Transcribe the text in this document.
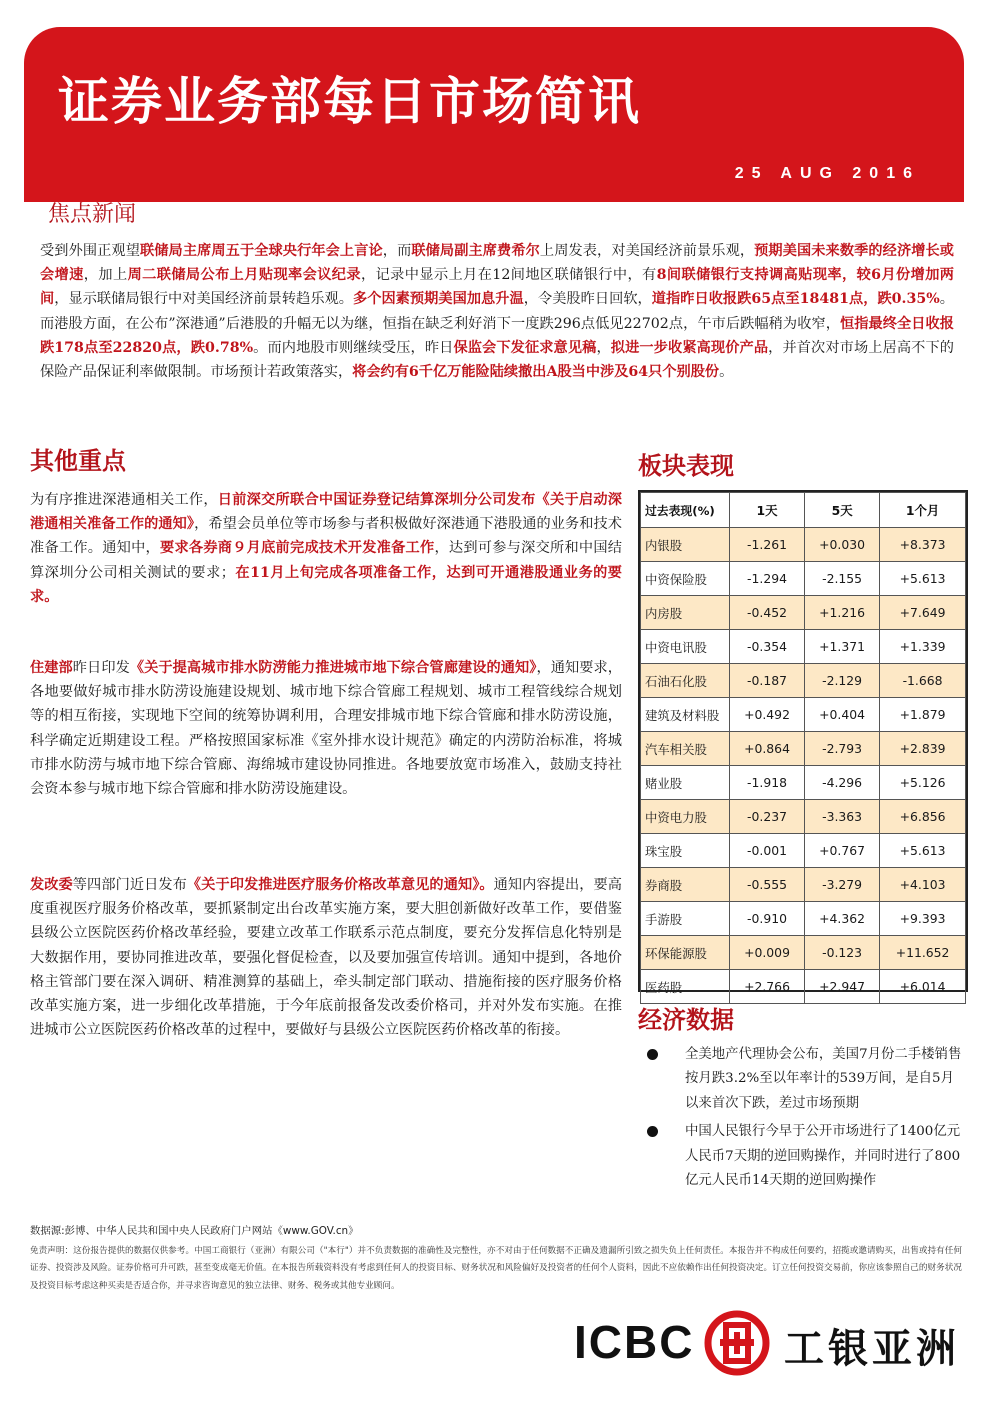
证券业务部每日市场简讯
25 AUG 2016
焦点新闻
受到外围正观望联储局主席周五于全球央行年会上言论，而联储局副主席费希尔上周发表，对美国经济前景乐观，预期美国未来数季的经济增长或会增速，加上周二联储局公布上月贴现率会议纪录，记录中显示上月在12间地区联储银行中，有8间联储银行支持调高贴现率，较6月份增加两间，显示联储局银行中对美国经济前景转趋乐观。多个因素预期美国加息升温，令美股昨日回软，道指昨日收报跌65点至18481点，跌0.35%。而港股方面，在公布”深港通”后港股的升幅无以为继，恒指在缺乏利好消下一度跌296点低见22702点，午市后跌幅稍为收窄，恒指最终全日收报跌178点至22820点，跌0.78%。而内地股市则继续受压，昨日保监会下发征求意见稿，拟进一步收紧高现价产品，并首次对市场上居高不下的保险产品保证利率做限制。市场预计若政策落实，将会约有6千亿万能险陆续撤出A股当中涉及64只个别股份。
其他重点
为有序推进深港通相关工作，日前深交所联合中国证券登记结算深圳分公司发布《关于启动深港通相关准备工作的通知》，希望会员单位等市场参与者积极做好深港通下港股通的业务和技术准备工作。通知中，要求各券商９月底前完成技术开发准备工作，达到可参与深交所和中国结算深圳分公司相关测试的要求；在11月上旬完成各项准备工作，达到可开通港股通业务的要求。
住建部昨日印发《关于提高城市排水防涝能力推进城市地下综合管廊建设的通知》，通知要求，各地要做好城市排水防涝设施建设规划、城市地下综合管廊工程规划、城市工程管线综合规划等的相互衔接，实现地下空间的统筹协调利用，合理安排城市地下综合管廊和排水防涝设施，科学确定近期建设工程。严格按照国家标准《室外排水设计规范》确定的内涝防治标准，将城市排水防涝与城市地下综合管廊、海绵城市建设协同推进。各地要放宽市场准入，鼓励支持社会资本参与城市地下综合管廊和排水防涝设施建设。
发改委等四部门近日发布《关于印发推进医疗服务价格改革意见的通知》。通知内容提出，要高度重视医疗服务价格改革，要抓紧制定出台改革实施方案，要大胆创新做好改革工作，要借鉴县级公立医院医药价格改革经验，要建立改革工作联系示范点制度，要充分发挥信息化特别是大数据作用，要协同推进改革，要强化督促检查，以及要加强宣传培训。通知中提到，各地价格主管部门要在深入调研、精准测算的基础上，牵头制定部门联动、措施衔接的医疗服务价格改革实施方案，进一步细化改革措施，于今年底前报备发改委价格司，并对外发布实施。在推进城市公立医院医药价格改革的过程中，要做好与县级公立医院医药价格改革的衔接。
板块表现
过去表现(%)	1天	5天	1个月
内银股	-1.261	+0.030	+8.373
中资保险股	-1.294	-2.155	+5.613
内房股	-0.452	+1.216	+7.649
中资电讯股	-0.354	+1.371	+1.339
石油石化股	-0.187	-2.129	-1.668
建筑及材料股	+0.492	+0.404	+1.879
汽车相关股	+0.864	-2.793	+2.839
赌业股	-1.918	-4.296	+5.126
中资电力股	-0.237	-3.363	+6.856
珠宝股	-0.001	+0.767	+5.613
券商股	-0.555	-3.279	+4.103
手游股	-0.910	+4.362	+9.393
环保能源股	+0.009	-0.123	+11.652
医药股	+2.766	+2.947	+6.014
经济数据
全美地产代理协会公布，美国7月份二手楼销售按月跌3.2%至以年率计的539万间，是自5月以来首次下跌，差过市场预期
中国人民银行今早于公开市场进行了1400亿元人民币7天期的逆回购操作，并同时进行了800亿元人民币14天期的逆回购操作
数据源:彭博、中华人民共和国中央人民政府门户网站《www.GOV.cn》
免责声明：这份报告提供的数据仅供参考。中国工商银行（亚洲）有限公司（"本行"）并不负责数据的准确性及完整性，亦不对由于任何数据不正确及遗漏所引致之损失负上任何责任。本报告并不构成任何要约，招揽或邀请购买，出售或持有任何证券、投资涉及风险。证券价格可升可跌，甚至变成毫无价值。在本报告所载资料没有考虑到任何人的投资目标、财务状况和风险偏好及投资者的任何个人资料，因此不应依赖作出任何投资决定。订立任何投资交易前，你应该参照自己的财务状况及投资目标考虑这种买卖是否适合你，并寻求咨询意见的独立法律、财务、税务或其他专业顾问。
ICBC 工银亚洲
